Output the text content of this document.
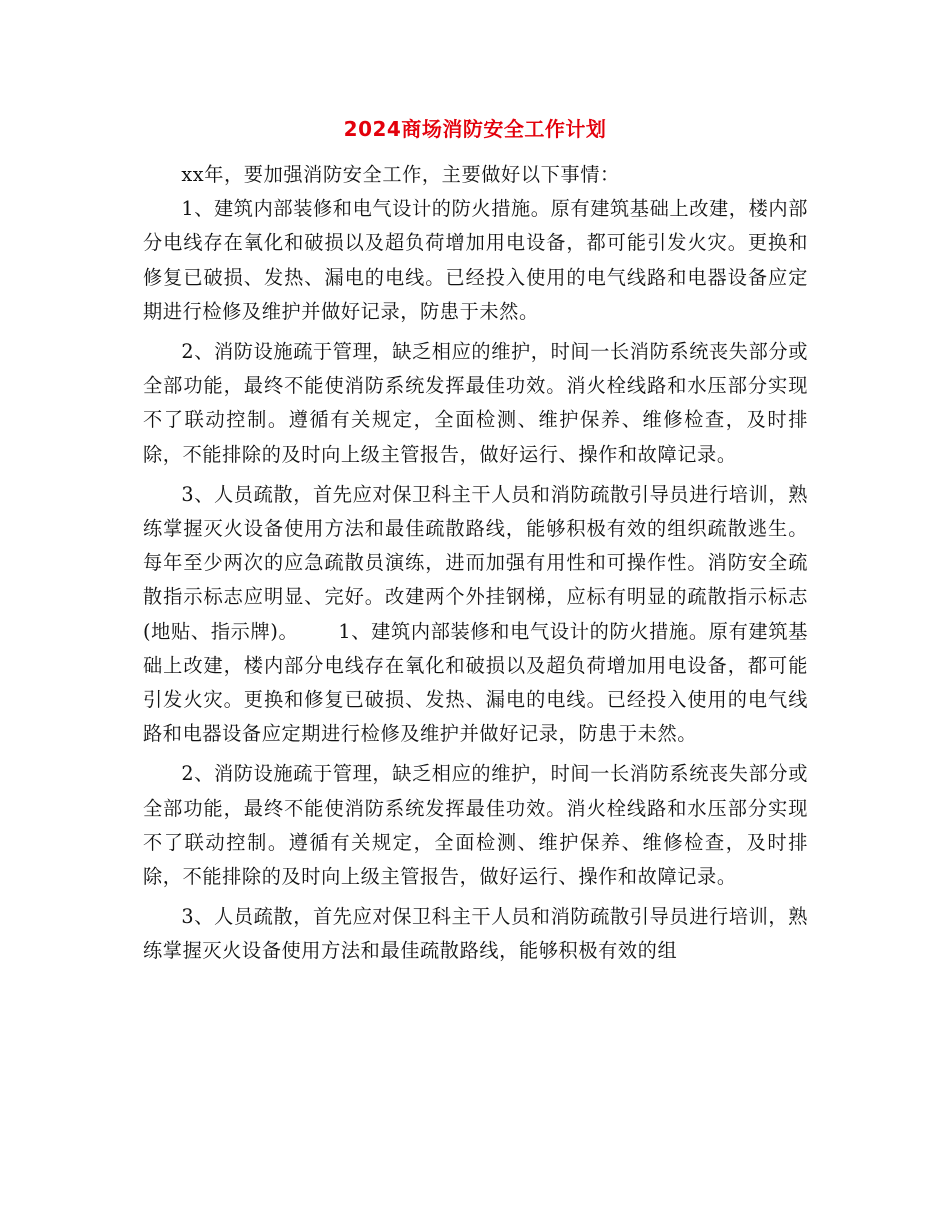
2024商场消防安全工作计划

xx年，要加强消防安全工作，主要做好以下事情：

1、建筑内部装修和电气设计的防火措施。原有建筑基础上改建，楼内部分电线存在氧化和破损以及超负荷增加用电设备，都可能引发火灾。更换和修复已破损、发热、漏电的电线。已经投入使用的电气线路和电器设备应定期进行检修及维护并做好记录，防患于未然。

2、消防设施疏于管理，缺乏相应的维护，时间一长消防系统丧失部分或全部功能，最终不能使消防系统发挥最佳功效。消火栓线路和水压部分实现不了联动控制。遵循有关规定，全面检测、维护保养、维修检查，及时排除，不能排除的及时向上级主管报告，做好运行、操作和故障记录。

3、人员疏散，首先应对保卫科主干人员和消防疏散引导员进行培训，熟练掌握灭火设备使用方法和最佳疏散路线，能够积极有效的组织疏散逃生。每年至少两次的应急疏散员演练，进而加强有用性和可操作性。消防安全疏散指示标志应明显、完好。改建两个外挂钢梯，应标有明显的疏散指示标志(地贴、指示牌)。 1、建筑内部装修和电气设计的防火措施。原有建筑基础上改建，楼内部分电线存在氧化和破损以及超负荷增加用电设备，都可能引发火灾。更换和修复已破损、发热、漏电的电线。已经投入使用的电气线路和电器设备应定期进行检修及维护并做好记录，防患于未然。

2、消防设施疏于管理，缺乏相应的维护，时间一长消防系统丧失部分或全部功能，最终不能使消防系统发挥最佳功效。消火栓线路和水压部分实现不了联动控制。遵循有关规定，全面检测、维护保养、维修检查，及时排除，不能排除的及时向上级主管报告，做好运行、操作和故障记录。

3、人员疏散，首先应对保卫科主干人员和消防疏散引导员进行培训，熟练掌握灭火设备使用方法和最佳疏散路线，能够积极有效的组
